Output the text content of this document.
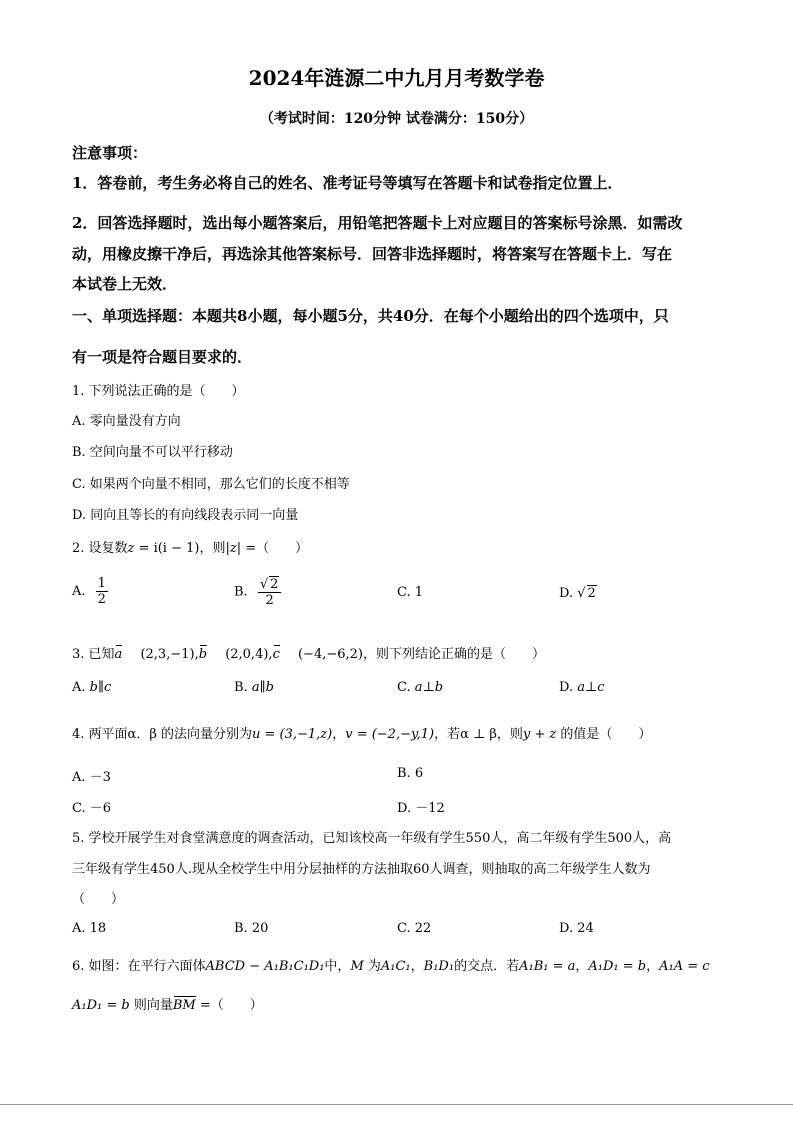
2024年涟源二中九月月考数学卷
（考试时间：120分钟 试卷满分：150分）
注意事项：
1．答卷前，考生务必将自己的姓名、准考证号等填写在答题卡和试卷指定位置上．
2．回答选择题时，选出每小题答案后，用铅笔把答题卡上对应题目的答案标号涂黑．如需改
动，用橡皮擦干净后，再选涂其他答案标号．回答非选择题时，将答案写在答题卡上．写在
本试卷上无效．
一、单项选择题：本题共8小题，每小题5分，共40分．在每个小题给出的四个选项中，只
有一项是符合题目要求的．
1. 下列说法正确的是（　　）
A. 零向量没有方向
B. 空间向量不可以平行移动
C. 如果两个向量不相同，那么它们的长度不相等
D. 同向且等长的有向线段表示同一向量
2. 设复数z = i(i − 1)，则|z| =（　　）
A. $\frac{1}{2}$	B. $\frac{√ 2}{2}$	C. 1	D. √ 2
3. 已知a (2,3,−1),b (2,0,4),c (−4,−6,2)，则下列结论正确的是（　　）
A. b∥c	B. a∥b	C. a⊥b	D. a⊥c
4. 两平面α．β 的法向量分别为u = (3,−1,z)，v = (−2,−y,1)，若α ⊥ β，则y + z 的值是（　　）
A. －3	B. 6
C. －6	D. －12
5. 学校开展学生对食堂满意度的调查活动，已知该校高一年级有学生550人，高二年级有学生500人，高
三年级有学生450人.现从全校学生中用分层抽样的方法抽取60人调查，则抽取的高二年级学生人数为
（　　）
A. 18	B. 20	C. 22	D. 24
6. 如图：在平行六面体ABCD − A₁B₁C₁D₁中，M 为A₁C₁，B₁D₁的交点．若A₁B₁ = a，A₁D₁ = b，A₁A = c
A₁D₁ = b 则向量BM =（　　）
